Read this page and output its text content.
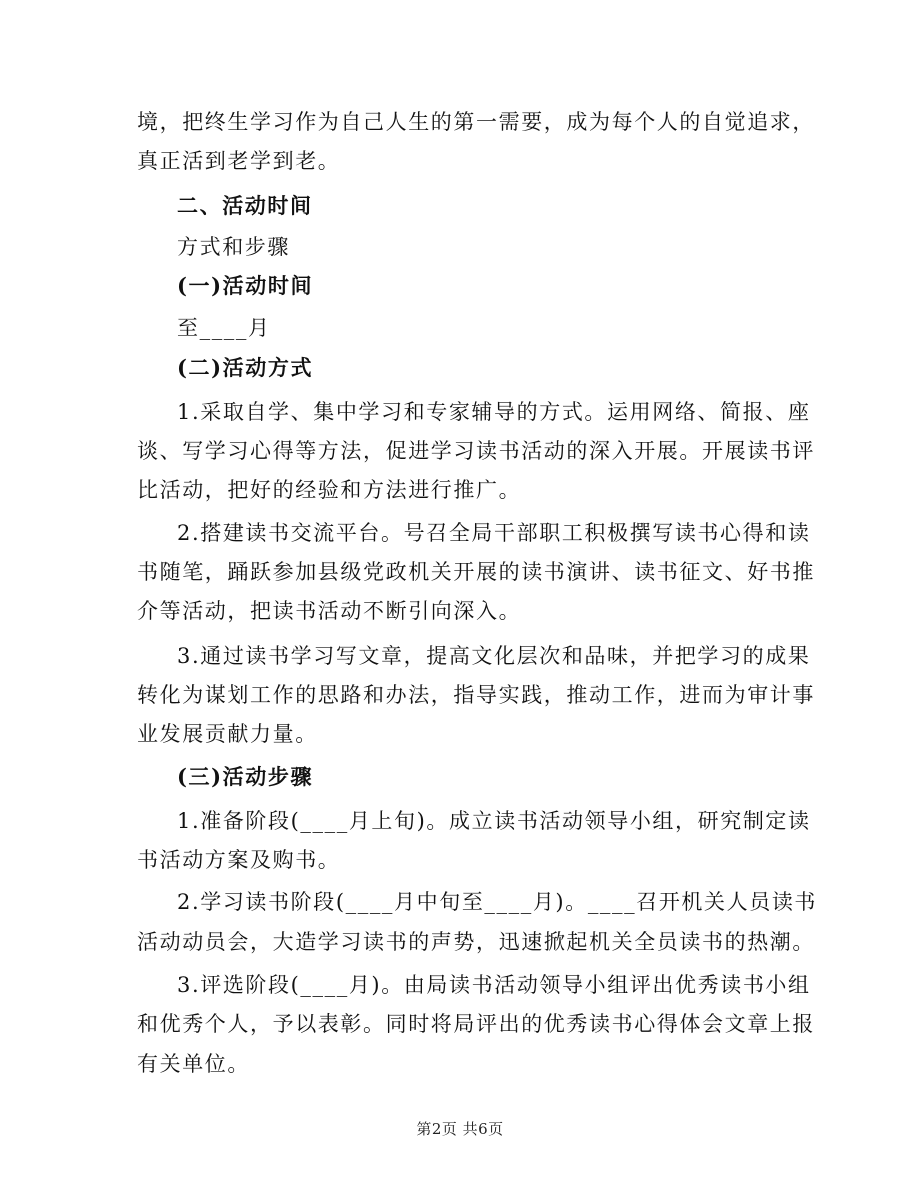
境，把终生学习作为自己人生的第一需要，成为每个人的自觉追求，
真正活到老学到老。
二、活动时间
方式和步骤
(一)活动时间
至____月
(二)活动方式
1.采取自学、集中学习和专家辅导的方式。运用网络、简报、座
谈、写学习心得等方法，促进学习读书活动的深入开展。开展读书评
比活动，把好的经验和方法进行推广。
2.搭建读书交流平台。号召全局干部职工积极撰写读书心得和读
书随笔，踊跃参加县级党政机关开展的读书演讲、读书征文、好书推
介等活动，把读书活动不断引向深入。
3.通过读书学习写文章，提高文化层次和品味，并把学习的成果
转化为谋划工作的思路和办法，指导实践，推动工作，进而为审计事
业发展贡献力量。
(三)活动步骤
1.准备阶段(____月上旬)。成立读书活动领导小组，研究制定读
书活动方案及购书。
2.学习读书阶段(____月中旬至____月)。____召开机关人员读书
活动动员会，大造学习读书的声势，迅速掀起机关全员读书的热潮。
3.评选阶段(____月)。由局读书活动领导小组评出优秀读书小组
和优秀个人，予以表彰。同时将局评出的优秀读书心得体会文章上报
有关单位。
第2页 共6页
